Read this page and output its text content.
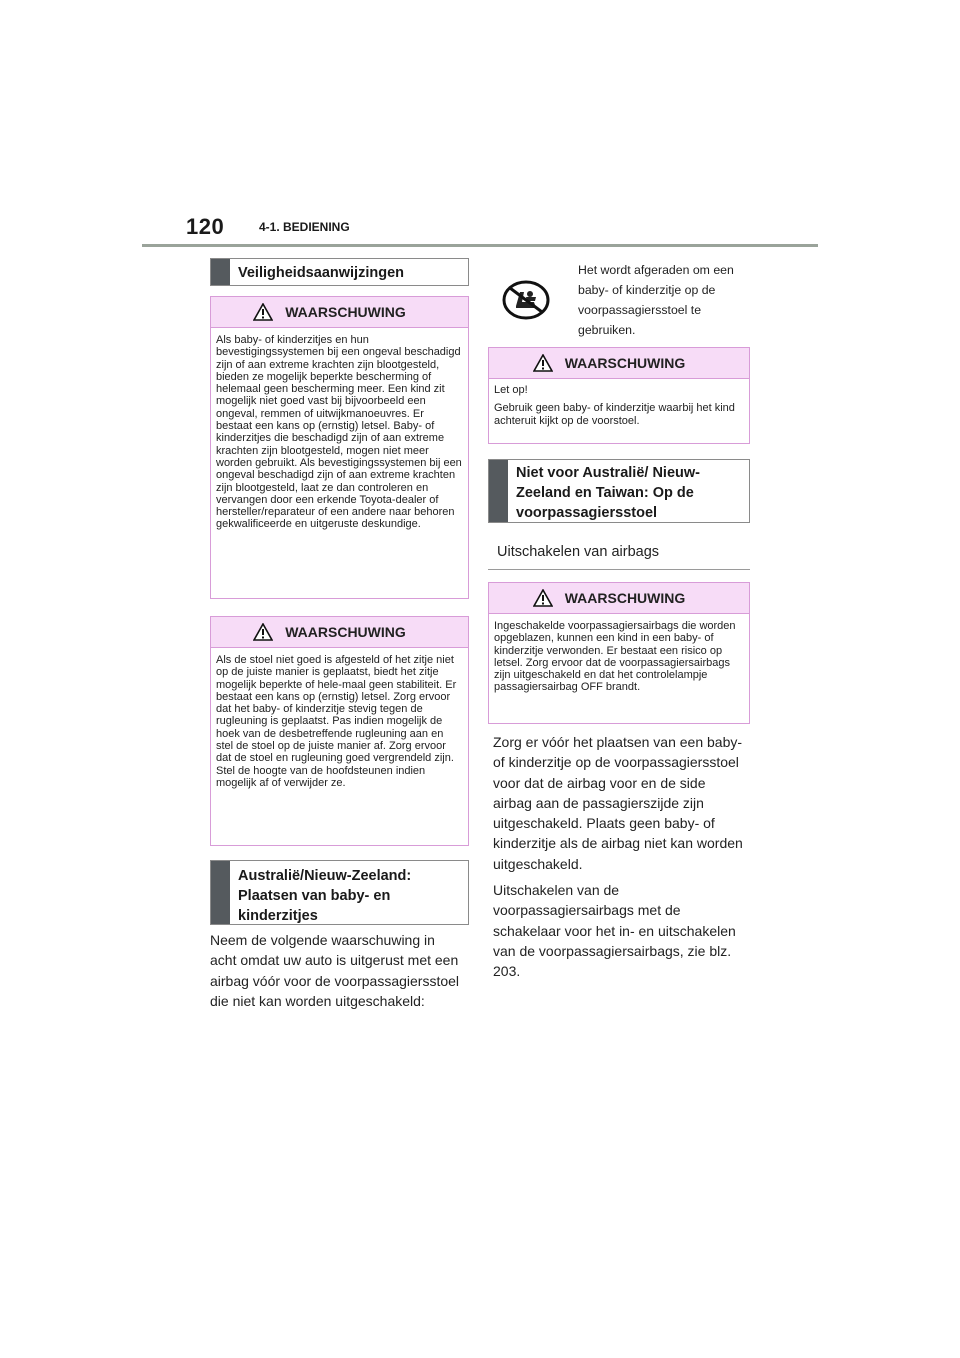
120	4-1. BEDIENING
Veiligheidsaanwijzingen
WAARSCHUWING

Als baby- of kinderzitjes en hun bevestigingssystemen bij een ongeval beschadigd zijn of aan extreme krachten zijn blootgesteld, bieden ze mogelijk beperkte bescherming of helemaal geen bescherming meer. Een kind zit mogelijk niet goed vast bij bijvoorbeeld een ongeval, remmen of uitwijkmanoeuvres. Er bestaat een kans op (ernstig) letsel. Baby- of kinderzitjes die beschadigd zijn of aan extreme krachten zijn blootgesteld, mogen niet meer worden gebruikt. Als bevestigingssystemen bij een ongeval beschadigd zijn of aan extreme krachten zijn blootgesteld, laat ze dan controleren en vervangen door een erkende Toyota-dealer of hersteller/reparateur of een andere naar behoren gekwalificeerde en uitgeruste deskundige.

WAARSCHUWING

Als de stoel niet goed is afgesteld of het zitje niet op de juiste manier is geplaatst, biedt het zitje mogelijk beperkte of hele-maal geen stabiliteit. Er bestaat een kans op (ernstig) letsel. Zorg ervoor dat het baby- of kinderzitje stevig tegen de rugleuning is geplaatst. Pas indien mogelijk de hoek van de desbetreffende rugleuning aan en stel de stoel op de juiste manier af. Zorg ervoor dat de stoel en rugleuning goed vergrendeld zijn. Stel de hoogte van de hoofdsteunen indien mogelijk af of verwijder ze.

Australië/Nieuw-Zeeland: Plaatsen van baby- en kinderzitjes

Neem de volgende waarschuwing in acht omdat uw auto is uitgerust met een airbag vóór voor de voorpassagiersstoel die niet kan worden uitgeschakeld:

Het wordt afgeraden om een baby- of kinderzitje op de voorpassagiersstoel te gebruiken.
WAARSCHUWING

Let op!

Gebruik geen baby- of kinderzitje waarbij het kind achteruit kijkt op de voorstoel.

Niet voor Australië/ Nieuw-Zeeland en Taiwan: Op de voorpassagiersstoel
Uitschakelen van airbags
WAARSCHUWING

Ingeschakelde voorpassagiersairbags die worden opgeblazen, kunnen een kind in een baby- of kinderzitje verwonden. Er bestaat een risico op letsel. Zorg ervoor dat de voorpassagiersairbags zijn uitgeschakeld en dat het controlelampje passagiersairbag OFF brandt.

Zorg er vóór het plaatsen van een baby- of kinderzitje op de voorpassagiersstoel voor dat de airbag voor en de side airbag aan de passagierszijde zijn uitgeschakeld. Plaats geen baby- of kinderzitje als de airbag niet kan worden uitgeschakeld.

Uitschakelen van de voorpassagiersairbags met de schakelaar voor het in- en uitschakelen van de voorpassagiersairbags, zie blz. 203.
